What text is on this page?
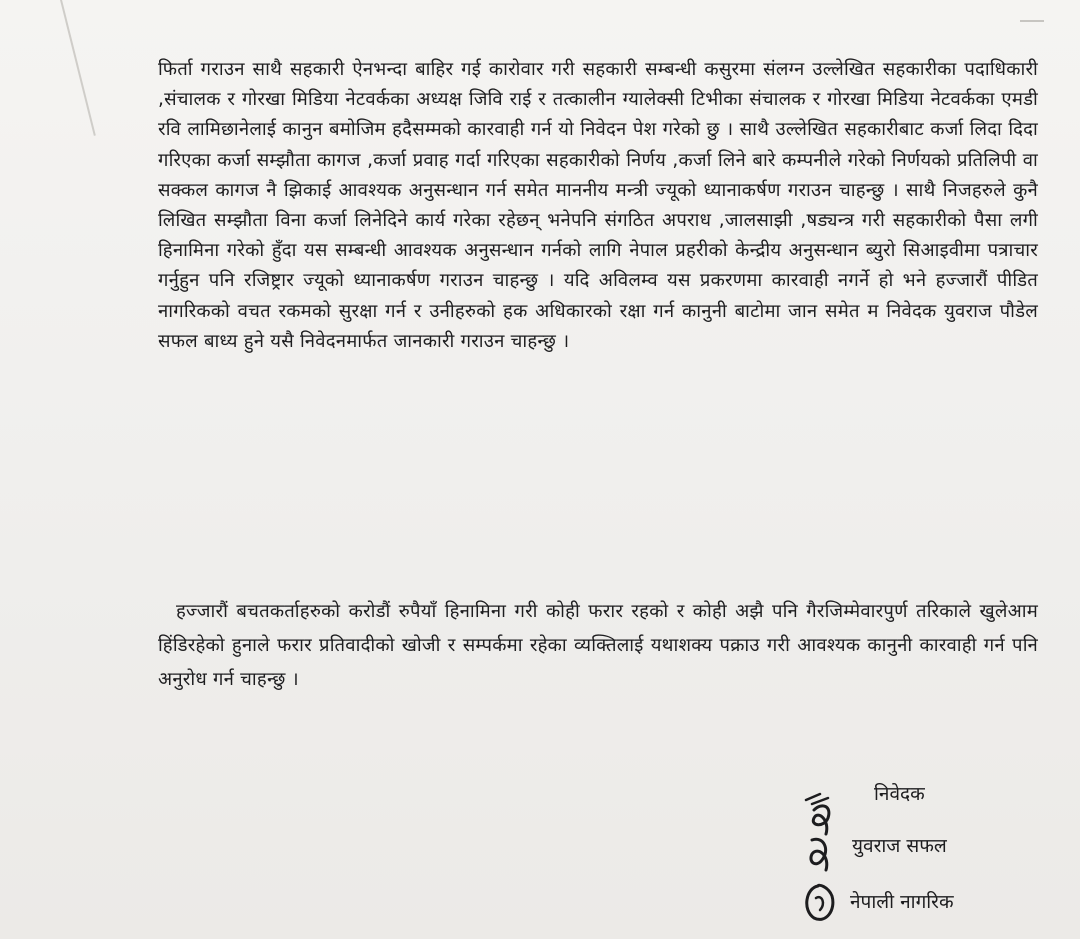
फिर्ता गराउन साथै सहकारी ऐनभन्दा बाहिर गई कारोवार गरी सहकारी सम्बन्धी कसुरमा संलग्न उल्लेखित सहकारीका पदाधिकारी ,संचालक र गोरखा मिडिया नेटवर्कका अध्यक्ष जिवि राई र तत्कालीन ग्यालेक्सी टिभीका संचालक र गोरखा मिडिया नेटवर्कका एमडी रवि लामिछानेलाई कानुन बमोजिम हदैसम्मको कारवाही गर्न यो निवेदन पेश गरेको छु । साथै उल्लेखित सहकारीबाट कर्जा लिदा दिदा गरिएका कर्जा सम्झौता कागज ,कर्जा प्रवाह गर्दा गरिएका सहकारीको निर्णय ,कर्जा लिने बारे कम्पनीले गरेको निर्णयको प्रतिलिपी वा सक्कल कागज नै झिकाई आवश्यक अनुसन्धान गर्न समेत माननीय मन्त्री ज्यूको ध्यानाकर्षण गराउन चाहन्छु । साथै निजहरुले कुनै लिखित सम्झौता विना कर्जा लिनेदिने कार्य गरेका रहेछन् भनेपनि संगठित अपराध ,जालसाझी ,षड्यन्त्र गरी सहकारीको पैसा लगी हिनामिना गरेको हुँदा यस सम्बन्धी आवश्यक अनुसन्धान गर्नको लागि नेपाल प्रहरीको केन्द्रीय अनुसन्धान ब्युरो सिआइवीमा पत्राचार गर्नुहुन पनि रजिष्ट्रार ज्यूको ध्यानाकर्षण गराउन चाहन्छु । यदि अविलम्व यस प्रकरणमा कारवाही नगर्ने हो भने हज्जारौं पीडित नागरिकको वचत रकमको सुरक्षा गर्न र उनीहरुको हक अधिकारको रक्षा गर्न कानुनी बाटोमा जान समेत म निवेदक युवराज पौडेल सफल बाध्य हुने यसै निवेदनमार्फत जानकारी गराउन चाहन्छु ।

हज्जारौं बचतकर्ताहरुको करोडौं रुपैयाँ हिनामिना गरी कोही फरार रहको र कोही अझै पनि गैरजिम्मेवारपुर्ण तरिकाले खुलेआम हिंडिरहेको हुनाले फरार प्रतिवादीको खोजी र सम्पर्कमा रहेका व्यक्तिलाई यथाशक्य पक्राउ गरी आवश्यक कानुनी कारवाही गर्न पनि अनुरोध गर्न चाहन्छु ।

निवेदक
युवराज सफल
नेपाली नागरिक
